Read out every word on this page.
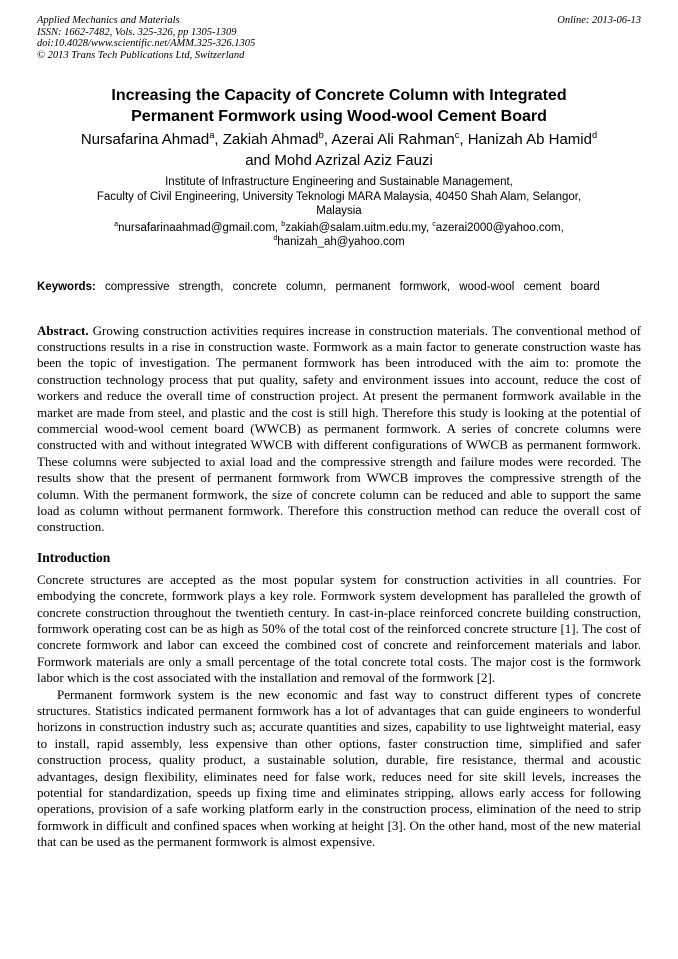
Applied Mechanics and Materials
ISSN: 1662-7482, Vols. 325-326, pp 1305-1309
doi:10.4028/www.scientific.net/AMM.325-326.1305
© 2013 Trans Tech Publications Ltd, Switzerland
Online: 2013-06-13
Increasing the Capacity of Concrete Column with Integrated
Permanent Formwork using Wood-wool Cement Board
Nursafarina Ahmad$^a$, Zakiah Ahmad$^b$, Azerai Ali Rahman$^c$, Hanizah Ab Hamid$^d$
and Mohd Azrizal Aziz Fauzi
Institute of Infrastructure Engineering and Sustainable Management,
Faculty of Civil Engineering, University Teknologi MARA Malaysia, 40450 Shah Alam, Selangor,
Malaysia
$^a$nursafarinaahmad@gmail.com, $^b$zakiah@salam.uitm.edu.my, $^c$azerai2000@yahoo.com,
$^d$hanizah_ah@yahoo.com
Keywords: compressive strength, concrete column, permanent formwork, wood-wool cement board

Abstract. Growing construction activities requires increase in construction materials. The conventional method of constructions results in a rise in construction waste. Formwork as a main factor to generate construction waste has been the topic of investigation. The permanent formwork has been introduced with the aim to: promote the construction technology process that put quality, safety and environment issues into account, reduce the cost of workers and reduce the overall time of construction project. At present the permanent formwork available in the market are made from steel, and plastic and the cost is still high. Therefore this study is looking at the potential of commercial wood-wool cement board (WWCB) as permanent formwork. A series of concrete columns were constructed with and without integrated WWCB with different configurations of WWCB as permanent formwork. These columns were subjected to axial load and the compressive strength and failure modes were recorded. The results show that the present of permanent formwork from WWCB improves the compressive strength of the column. With the permanent formwork, the size of concrete column can be reduced and able to support the same load as column without permanent formwork. Therefore this construction method can reduce the overall cost of construction.

Introduction

Concrete structures are accepted as the most popular system for construction activities in all countries. For embodying the concrete, formwork plays a key role. Formwork system development has paralleled the growth of concrete construction throughout the twentieth century. In cast-in-place reinforced concrete building construction, formwork operating cost can be as high as 50% of the total cost of the reinforced concrete structure [1]. The cost of concrete formwork and labor can exceed the combined cost of concrete and reinforcement materials and labor. Formwork materials are only a small percentage of the total concrete total costs. The major cost is the formwork labor which is the cost associated with the installation and removal of the formwork [2].

Permanent formwork system is the new economic and fast way to construct different types of concrete structures. Statistics indicated permanent formwork has a lot of advantages that can guide engineers to wonderful horizons in construction industry such as; accurate quantities and sizes, capability to use lightweight material, easy to install, rapid assembly, less expensive than other options, faster construction time, simplified and safer construction process, quality product, a sustainable solution, durable, fire resistance, thermal and acoustic advantages, design flexibility, eliminates need for false work, reduces need for site skill levels, increases the potential for standardization, speeds up fixing time and eliminates stripping, allows early access for following operations, provision of a safe working platform early in the construction process, elimination of the need to strip formwork in difficult and confined spaces when working at height [3]. On the other hand, most of the new material that can be used as the permanent formwork is almost expensive.
